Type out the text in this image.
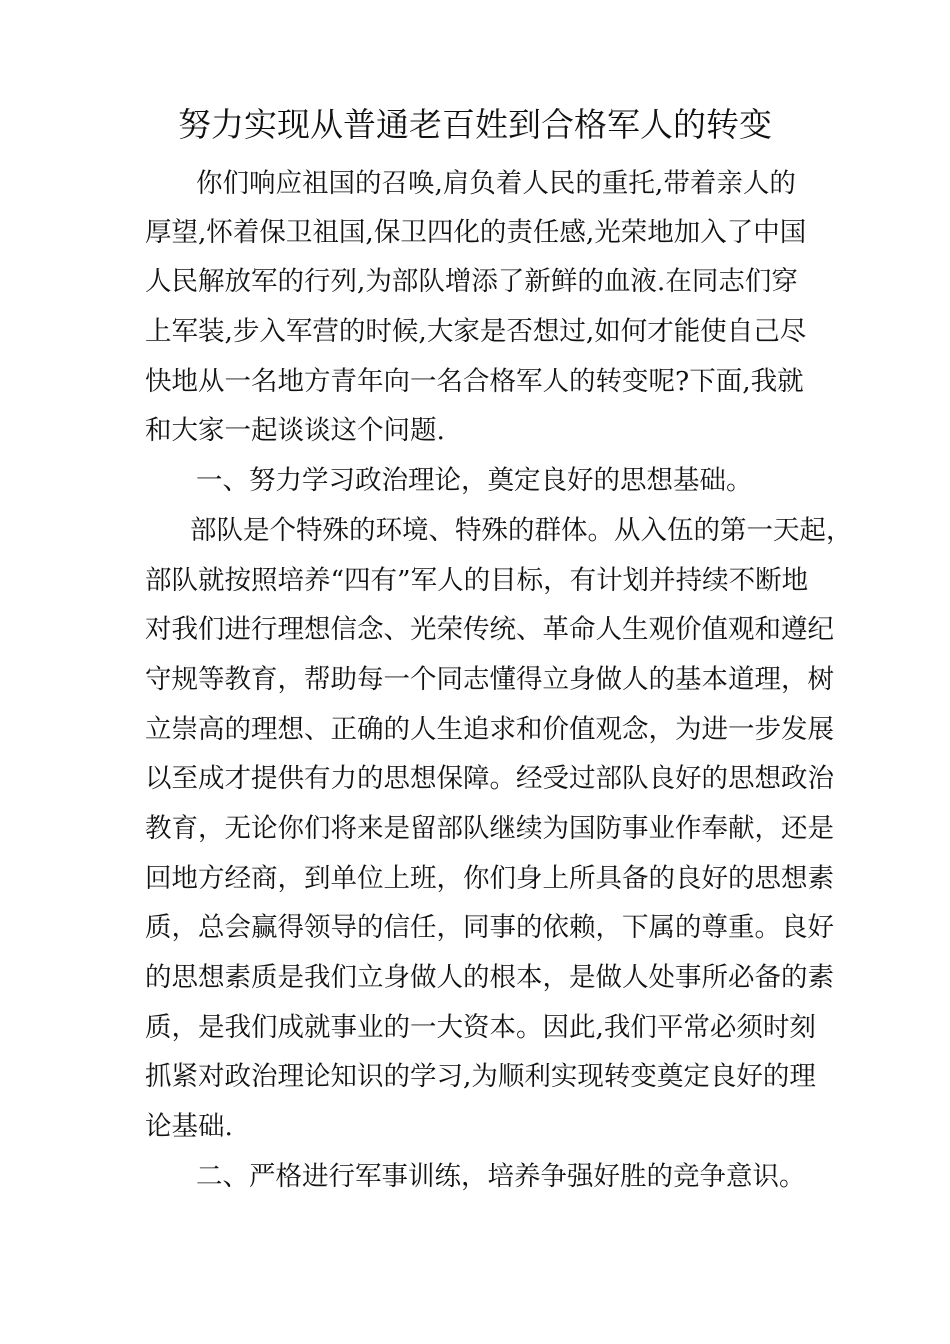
努力实现从普通老百姓到合格军人的转变
你们响应祖国的召唤,肩负着人民的重托,带着亲人的
厚望,怀着保卫祖国,保卫四化的责任感,光荣地加入了中国
人民解放军的行列,为部队增添了新鲜的血液.在同志们穿
上军装,步入军营的时候,大家是否想过,如何才能使自己尽
快地从一名地方青年向一名合格军人的转变呢?下面,我就
和大家一起谈谈这个问题.
一、努力学习政治理论，奠定良好的思想基础。
部队是个特殊的环境、特殊的群体。从入伍的第一天起，
部队就按照培养“四有”军人的目标，有计划并持续不断地
对我们进行理想信念、光荣传统、革命人生观价值观和遵纪
守规等教育，帮助每一个同志懂得立身做人的基本道理，树
立崇高的理想、正确的人生追求和价值观念，为进一步发展
以至成才提供有力的思想保障。经受过部队良好的思想政治
教育，无论你们将来是留部队继续为国防事业作奉献，还是
回地方经商，到单位上班，你们身上所具备的良好的思想素
质，总会赢得领导的信任，同事的依赖，下属的尊重。良好
的思想素质是我们立身做人的根本，是做人处事所必备的素
质，是我们成就事业的一大资本。因此,我们平常必须时刻
抓紧对政治理论知识的学习,为顺利实现转变奠定良好的理
论基础.
二、严格进行军事训练，培养争强好胜的竞争意识。
